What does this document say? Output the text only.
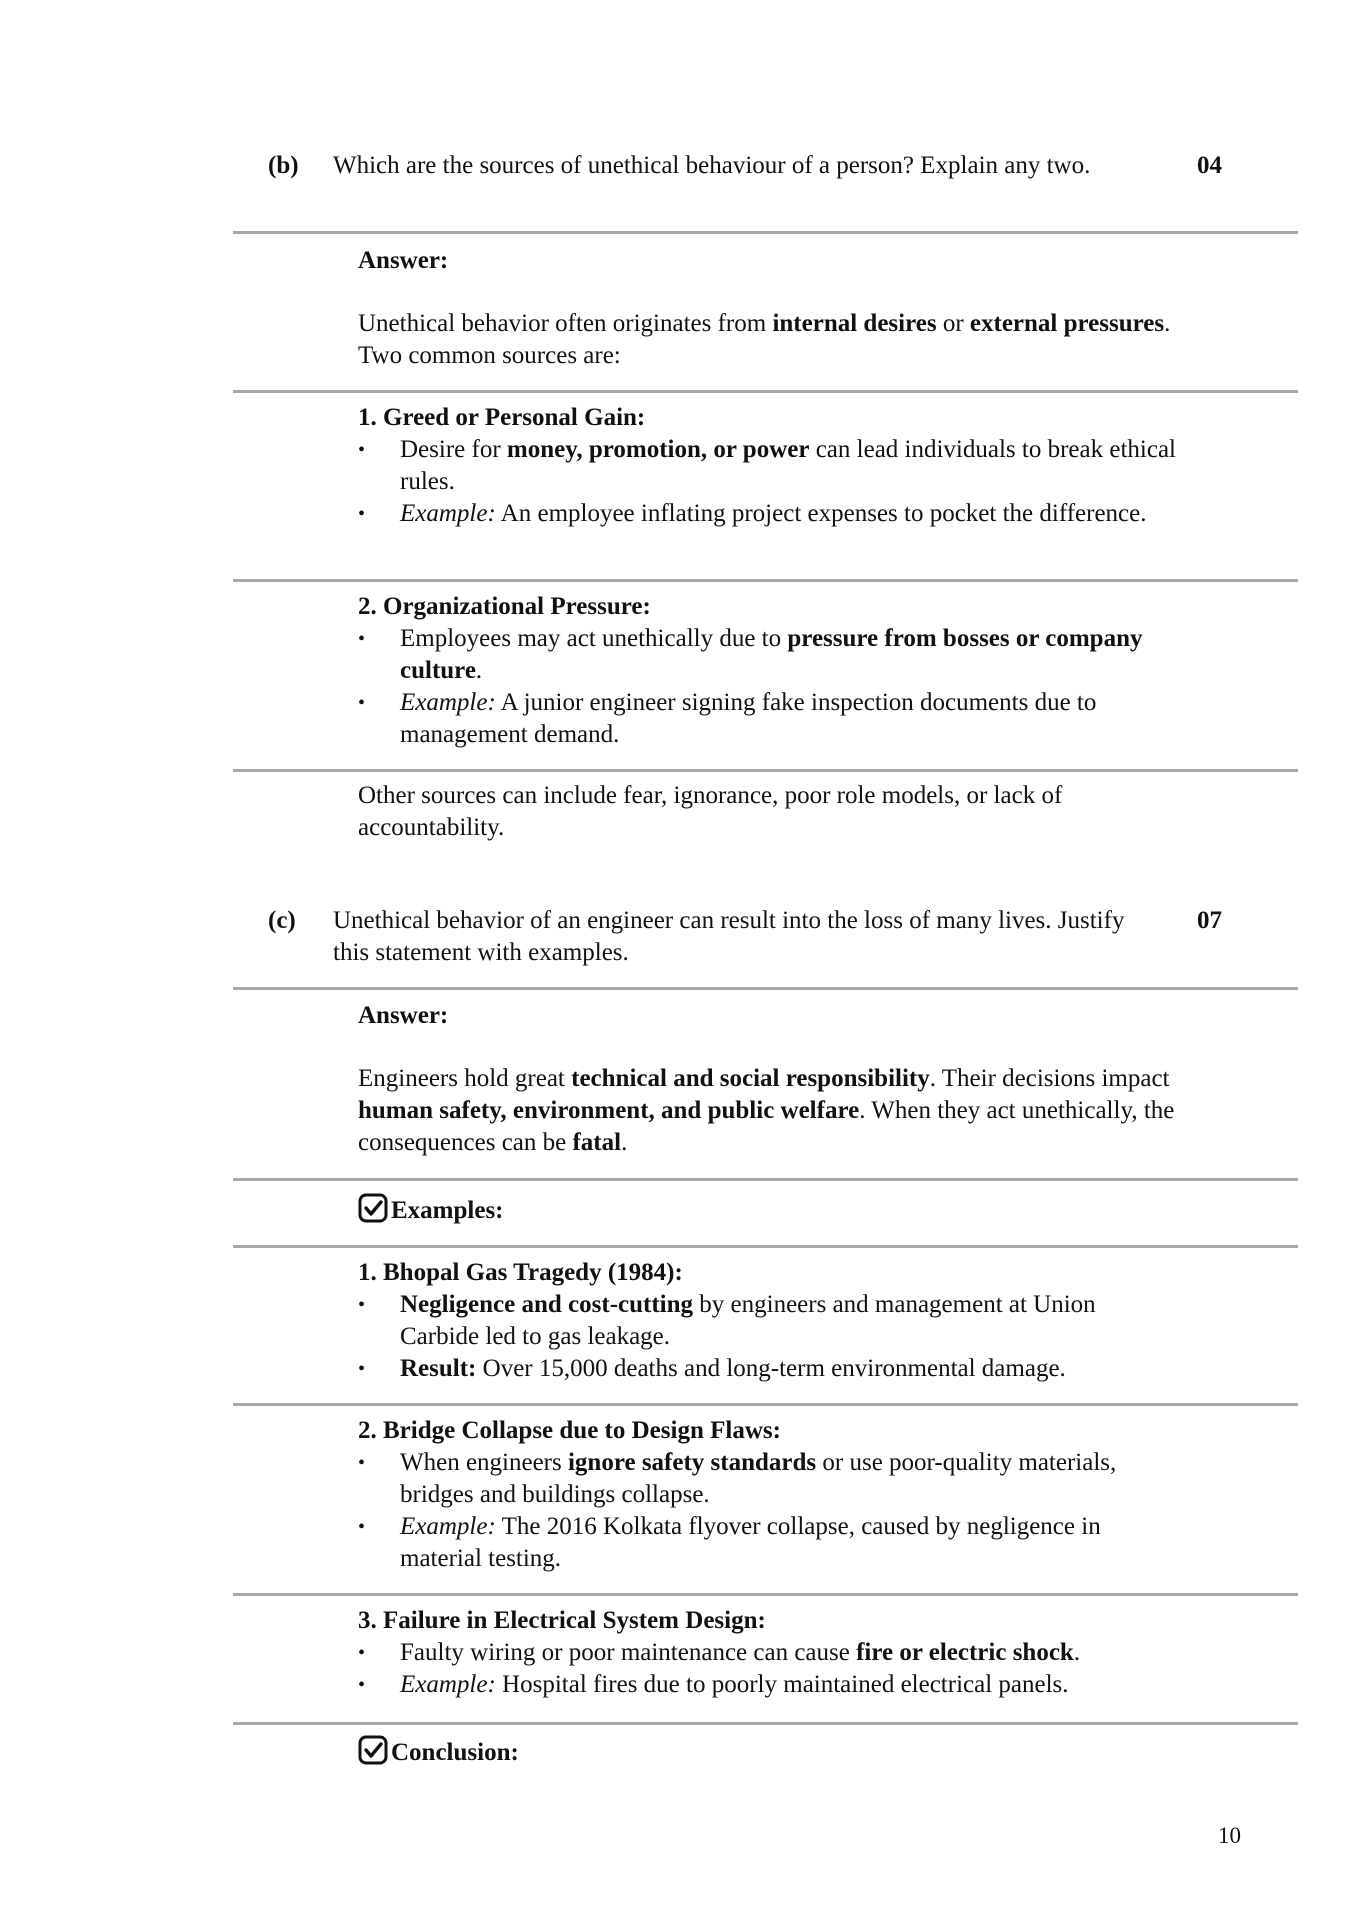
(b) Which are the sources of unethical behaviour of a person? Explain any two.	04
Answer:
Unethical behavior often originates from internal desires or external pressures. Two common sources are:
1. Greed or Personal Gain:
• Desire for money, promotion, or power can lead individuals to break ethical rules.
• Example: An employee inflating project expenses to pocket the difference.
2. Organizational Pressure:
• Employees may act unethically due to pressure from bosses or company culture.
• Example: A junior engineer signing fake inspection documents due to management demand.
Other sources can include fear, ignorance, poor role models, or lack of accountability.
(c) Unethical behavior of an engineer can result into the loss of many lives. Justify this statement with examples.
07
Answer:
Engineers hold great technical and social responsibility. Their decisions impact human safety, environment, and public welfare. When they act unethically, the consequences can be fatal.
Examples:
1. Bhopal Gas Tragedy (1984):
• Negligence and cost-cutting by engineers and management at Union Carbide led to gas leakage.
• Result: Over 15,000 deaths and long-term environmental damage.
2. Bridge Collapse due to Design Flaws:
• When engineers ignore safety standards or use poor-quality materials, bridges and buildings collapse.
• Example: The 2016 Kolkata flyover collapse, caused by negligence in material testing.
3. Failure in Electrical System Design:
• Faulty wiring or poor maintenance can cause fire or electric shock.
• Example: Hospital fires due to poorly maintained electrical panels.
Conclusion:
10
